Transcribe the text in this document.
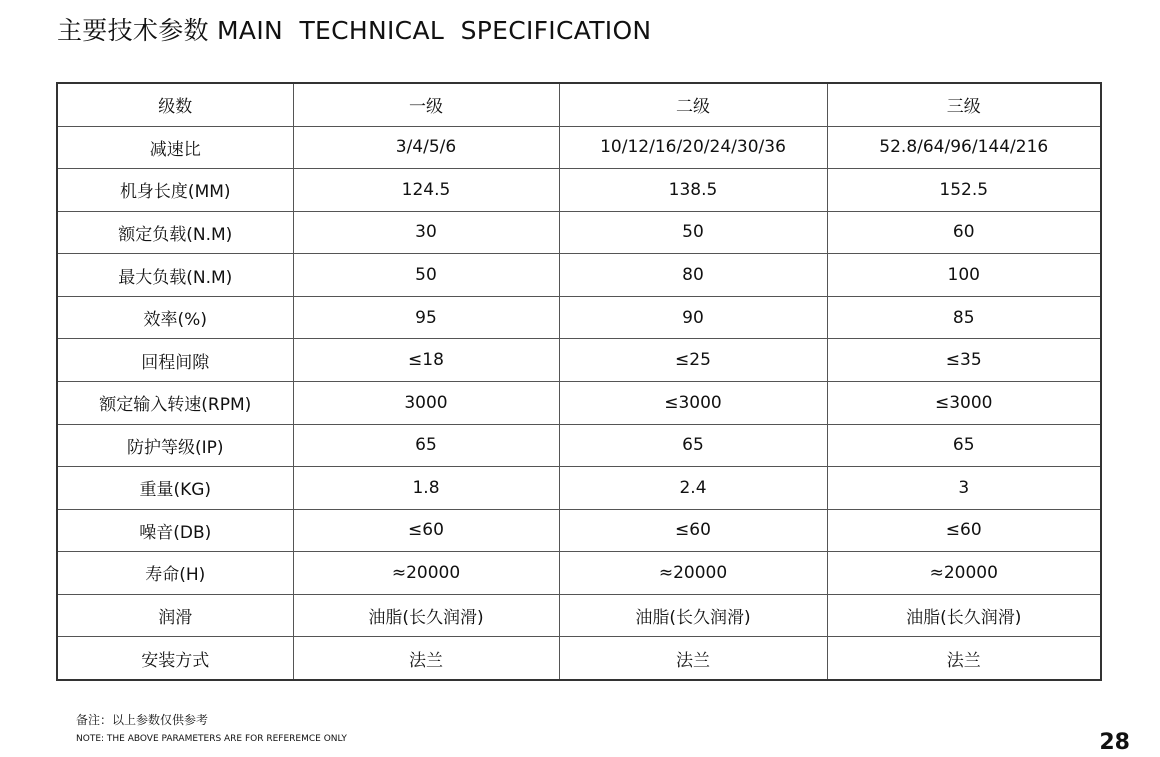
主要技术参数 MAIN  TECHNICAL  SPECIFICATION
级数	一级	二级	三级
减速比	3/4/5/6	10/12/16/20/24/30/36	52.8/64/96/144/216
机身长度(MM)	124.5	138.5	152.5
额定负载(N.M)	30	50	60
最大负载(N.M)	50	80	100
效率(%)	95	90	85
回程间隙	≤18	≤25	≤35
额定输入转速(RPM)	3000	≤3000	≤3000
防护等级(IP)	65	65	65
重量(KG)	1.8	2.4	3
噪音(DB)	≤60	≤60	≤60
寿命(H)	≈20000	≈20000	≈20000
润滑	油脂(长久润滑)	油脂(长久润滑)	油脂(长久润滑)
安装方式	法兰	法兰	法兰
备注：以上参数仅供参考
NOTE: THE ABOVE PARAMETERS ARE FOR REFEREMCE ONLY	28
